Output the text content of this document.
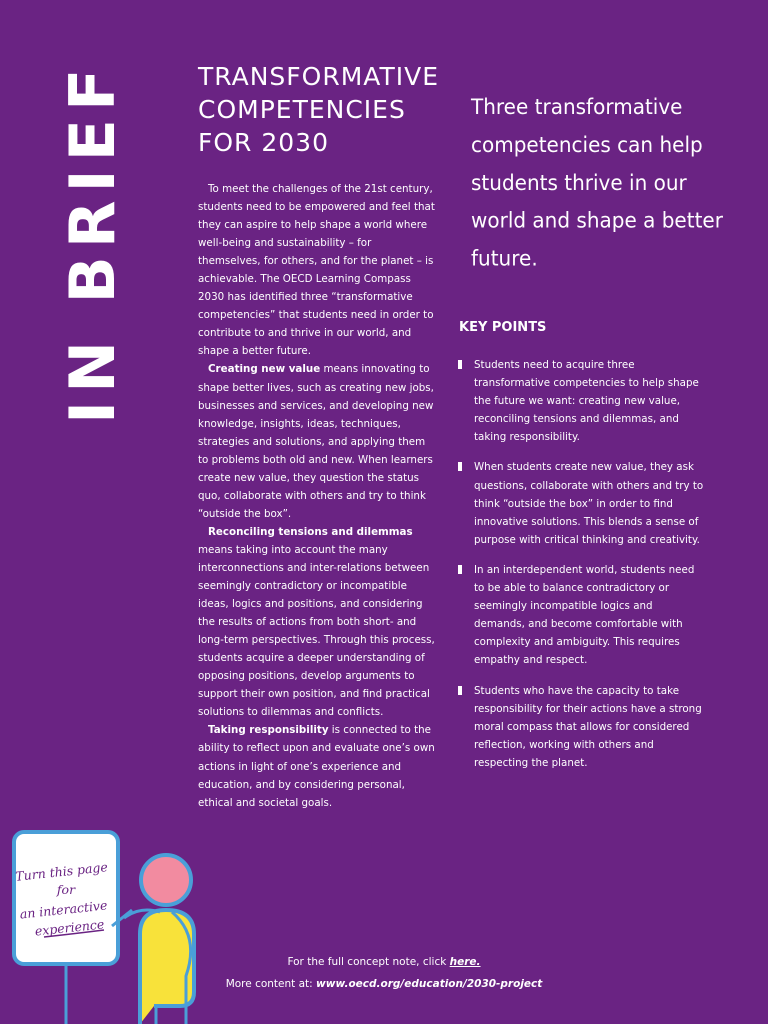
IN BRIEF	TRANSFORMATIVE
COMPETENCIES
FOR 2030

To meet the challenges of the 21st century, students need to be empowered and feel that they can aspire to help shape a world where well-being and sustainability – for themselves, for others, and for the planet – is achievable. The OECD Learning Compass 2030 has identified three “transformative competencies” that students need in order to contribute to and thrive in our world, and shape a better future.

Creating new value means innovating to shape better lives, such as creating new jobs, businesses and services, and developing new knowledge, insights, ideas, techniques, strategies and solutions, and applying them to problems both old and new. When learners create new value, they question the status quo, collaborate with others and try to think “outside the box”.

Reconciling tensions and dilemmas means taking into account the many interconnections and inter-relations between seemingly contradictory or incompatible ideas, logics and positions, and considering the results of actions from both short- and long-term perspectives. Through this process, students acquire a deeper understanding of opposing positions, develop arguments to support their own position, and find practical solutions to dilemmas and conflicts.

Taking responsibility is connected to the ability to reflect upon and evaluate one’s own actions in light of one’s experience and education, and by considering personal, ethical and societal goals.

Three transformative competencies can help students thrive in our world and shape a better future.
KEY POINTS
Students need to acquire three transformative competencies to help shape the future we want: creating new value, reconciling tensions and dilemmas, and taking responsibility.
When students create new value, they ask questions, collaborate with others and try to think “outside the box” in order to find innovative solutions. This blends a sense of purpose with critical thinking and creativity.
In an interdependent world, students need to be able to balance contradictory or seemingly incompatible logics and demands, and become comfortable with complexity and ambiguity. This requires empathy and respect.
Students who have the capacity to take responsibility for their actions have a strong moral compass that allows for considered reflection, working with others and respecting the planet.
Turn this page
for
an interactive
experience
For the full concept note, click here.
More content at: www.oecd.org/education/2030-project
